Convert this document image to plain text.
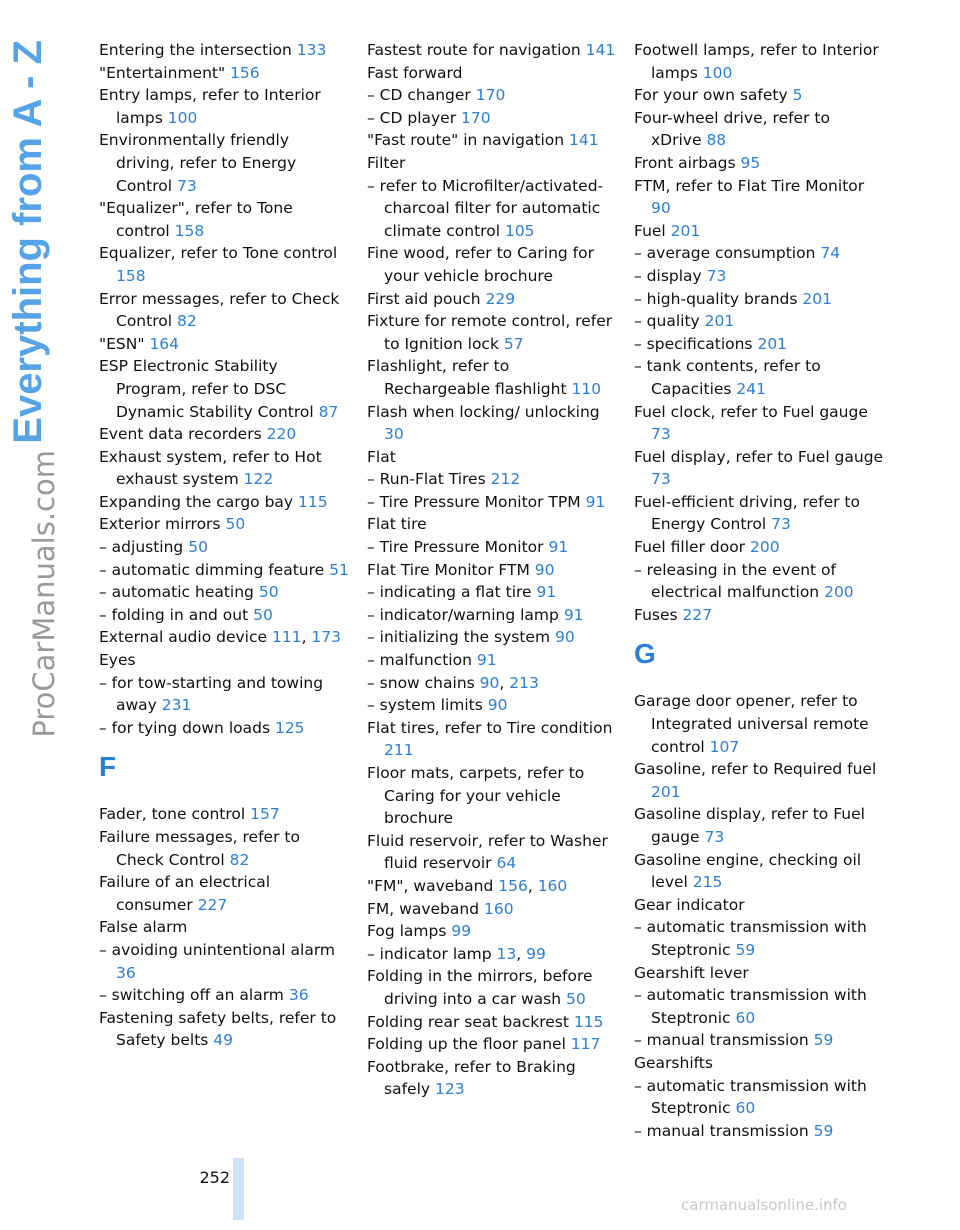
Everything from A - Z
ProCarManuals.com
Entering the intersection 133
"Entertainment" 156
Entry lamps, refer to Interior lamps 100
Environmentally friendly driving, refer to Energy Control 73
"Equalizer", refer to Tone control 158
Equalizer, refer to Tone control 158
Error messages, refer to Check Control 82
"ESN" 164
ESP Electronic Stability Program, refer to DSC Dynamic Stability Control 87
Event data recorders 220
Exhaust system, refer to Hot exhaust system 122
Expanding the cargo bay 115
Exterior mirrors 50
– adjusting 50
– automatic dimming feature 51
– automatic heating 50
– folding in and out 50
External audio device 111, 173
Eyes
– for tow-starting and towing away 231
– for tying down loads 125
F
Fader, tone control 157
Failure messages, refer to Check Control 82
Failure of an electrical consumer 227
False alarm
– avoiding unintentional alarm 36
– switching off an alarm 36
Fastening safety belts, refer to Safety belts 49
Fastest route for navigation 141
Fast forward
– CD changer 170
– CD player 170
"Fast route" in navigation 141
Filter
– refer to Microfilter/activated-charcoal filter for automatic climate control 105
Fine wood, refer to Caring for your vehicle brochure
First aid pouch 229
Fixture for remote control, refer to Ignition lock 57
Flashlight, refer to Rechargeable flashlight 110
Flash when locking/ unlocking 30
Flat
– Run-Flat Tires 212
– Tire Pressure Monitor TPM 91
Flat tire
– Tire Pressure Monitor 91
Flat Tire Monitor FTM 90
– indicating a flat tire 91
– indicator/warning lamp 91
– initializing the system 90
– malfunction 91
– snow chains 90, 213
– system limits 90
Flat tires, refer to Tire condition 211
Floor mats, carpets, refer to Caring for your vehicle brochure
Fluid reservoir, refer to Washer fluid reservoir 64
"FM", waveband 156, 160
FM, waveband 160
Fog lamps 99
– indicator lamp 13, 99
Folding in the mirrors, before driving into a car wash 50
Folding rear seat backrest 115
Folding up the floor panel 117
Footbrake, refer to Braking safely 123
Footwell lamps, refer to Interior lamps 100
For your own safety 5
Four-wheel drive, refer to xDrive 88
Front airbags 95
FTM, refer to Flat Tire Monitor 90
Fuel 201
– average consumption 74
– display 73
– high-quality brands 201
– quality 201
– specifications 201
– tank contents, refer to Capacities 241
Fuel clock, refer to Fuel gauge 73
Fuel display, refer to Fuel gauge 73
Fuel-efficient driving, refer to Energy Control 73
Fuel filler door 200
– releasing in the event of electrical malfunction 200
Fuses 227
G
Garage door opener, refer to Integrated universal remote control 107
Gasoline, refer to Required fuel 201
Gasoline display, refer to Fuel gauge 73
Gasoline engine, checking oil level 215
Gear indicator
– automatic transmission with Steptronic 59
Gearshift lever
– automatic transmission with Steptronic 60
– manual transmission 59
Gearshifts
– automatic transmission with Steptronic 60
– manual transmission 59
252
carmanualsonline.info
